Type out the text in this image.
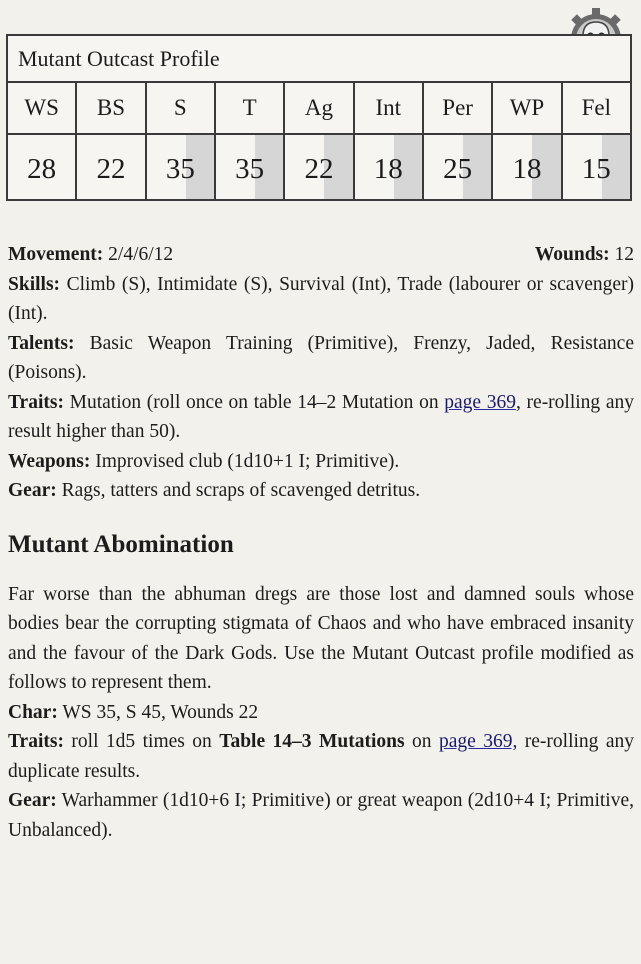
Mutant Outcast Profile
WS	BS	S	T	Ag	Int	Per	WP	Fel
28	22	35	35	22	18	25	18	15

Movement: 2/4/6/12	Wounds: 12

Skills: Climb (S), Intimidate (S), Survival (Int), Trade (labourer or scavenger) (Int).

Talents: Basic Weapon Training (Primitive), Frenzy, Jaded, Resistance (Poisons).

Traits: Mutation (roll once on table 14–2 Mutation on page 369, re-rolling any result higher than 50).

Weapons: Improvised club (1d10+1 I; Primitive).

Gear: Rags, tatters and scraps of scavenged detritus.

Mutant Abomination

Far worse than the abhuman dregs are those lost and damned souls whose bodies bear the corrupting stigmata of Chaos and who have embraced insanity and the favour of the Dark Gods. Use the Mutant Outcast profile modified as follows to represent them.

Char: WS 35, S 45, Wounds 22

Traits: roll 1d5 times on Table 14–3 Mutations on page 369, re-rolling any duplicate results.

Gear: Warhammer (1d10+6 I; Primitive) or great weapon (2d10+4 I; Primitive, Unbalanced).
